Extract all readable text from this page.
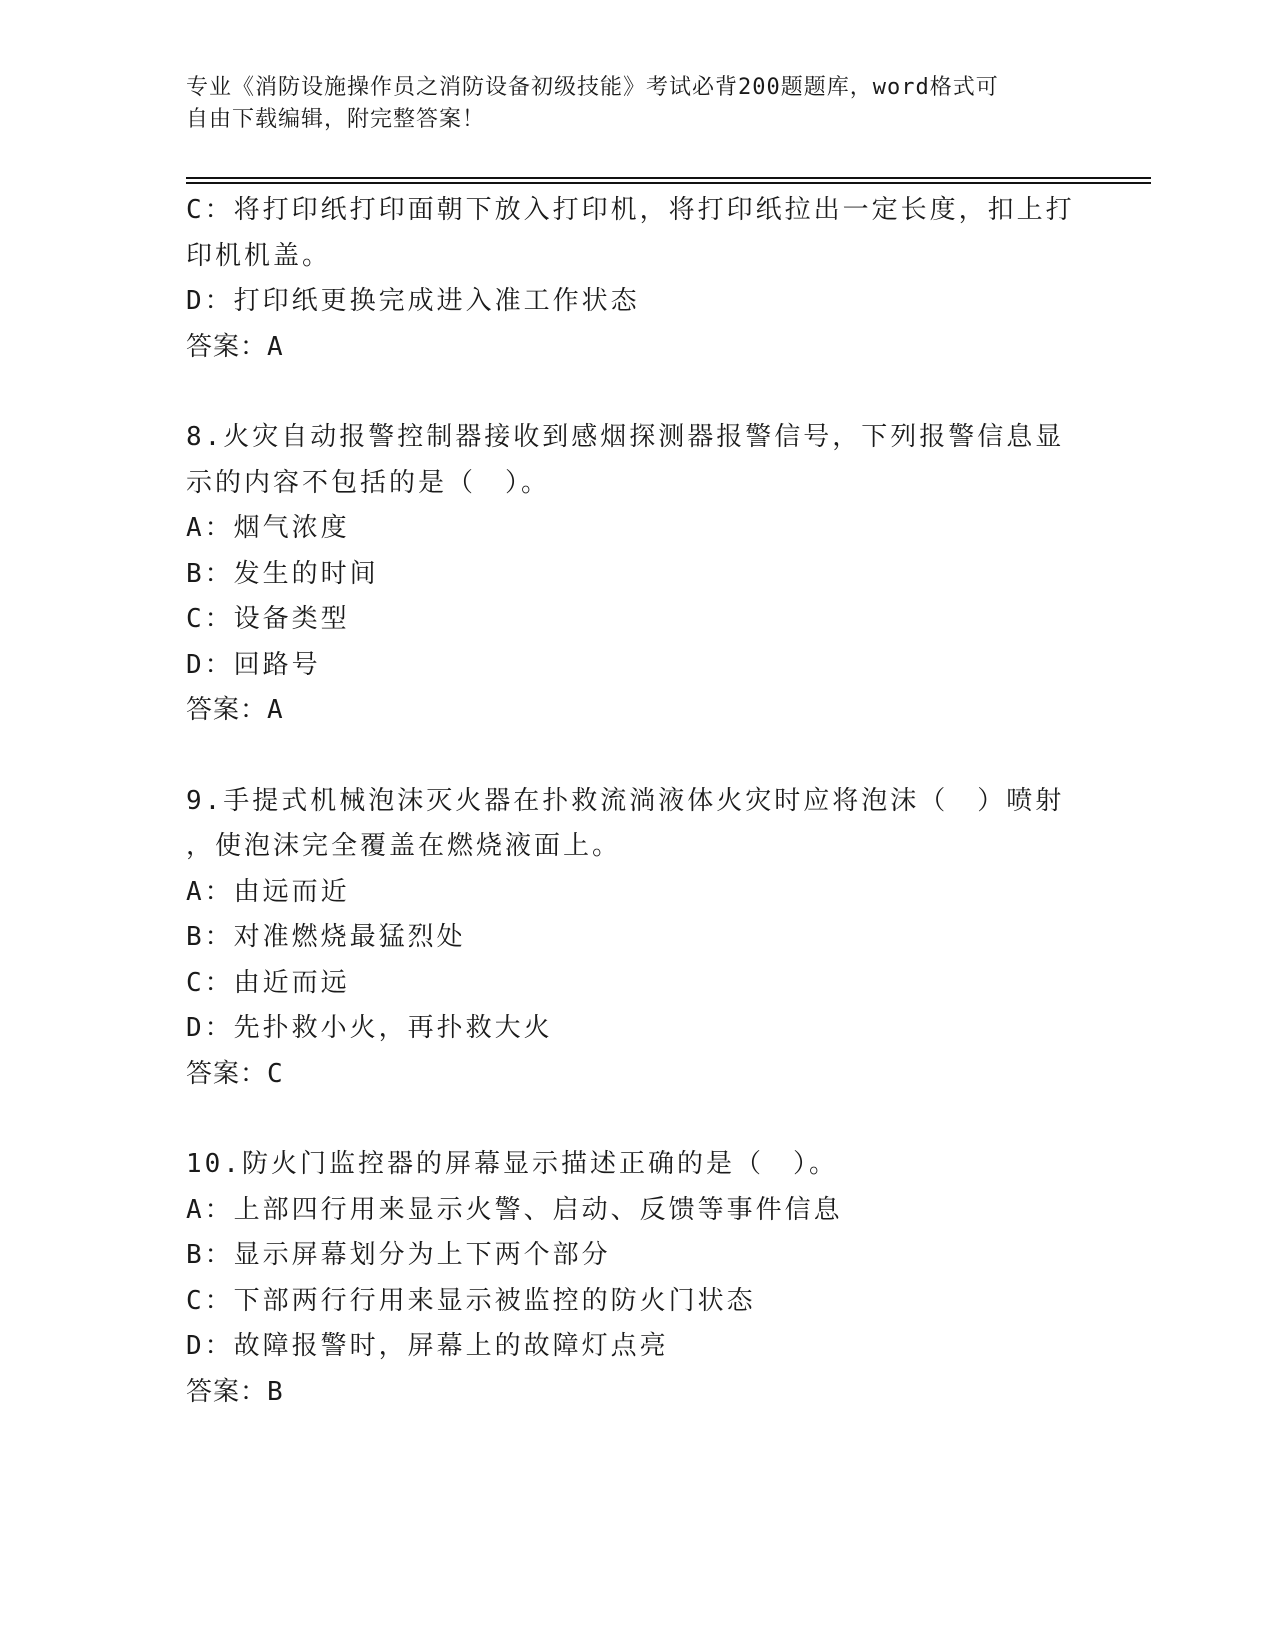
专业《消防设施操作员之消防设备初级技能》考试必背200题题库，word格式可
自由下载编辑，附完整答案！
C：将打印纸打印面朝下放入打印机，将打印纸拉出一定长度，扣上打
印机机盖。
D：打印纸更换完成进入准工作状态
答案：A
8.火灾自动报警控制器接收到感烟探测器报警信号，下列报警信息显
示的内容不包括的是（　）。
A：烟气浓度
B：发生的时间
C：设备类型
D：回路号
答案：A
9.手提式机械泡沫灭火器在扑救流淌液体火灾时应将泡沫（　）喷射
，使泡沫完全覆盖在燃烧液面上。
A：由远而近
B：对准燃烧最猛烈处
C：由近而远
D：先扑救小火，再扑救大火
答案：C
10.防火门监控器的屏幕显示描述正确的是（　）。
A：上部四行用来显示火警、启动、反馈等事件信息
B：显示屏幕划分为上下两个部分
C：下部两行行用来显示被监控的防火门状态
D：故障报警时，屏幕上的故障灯点亮
答案：B
